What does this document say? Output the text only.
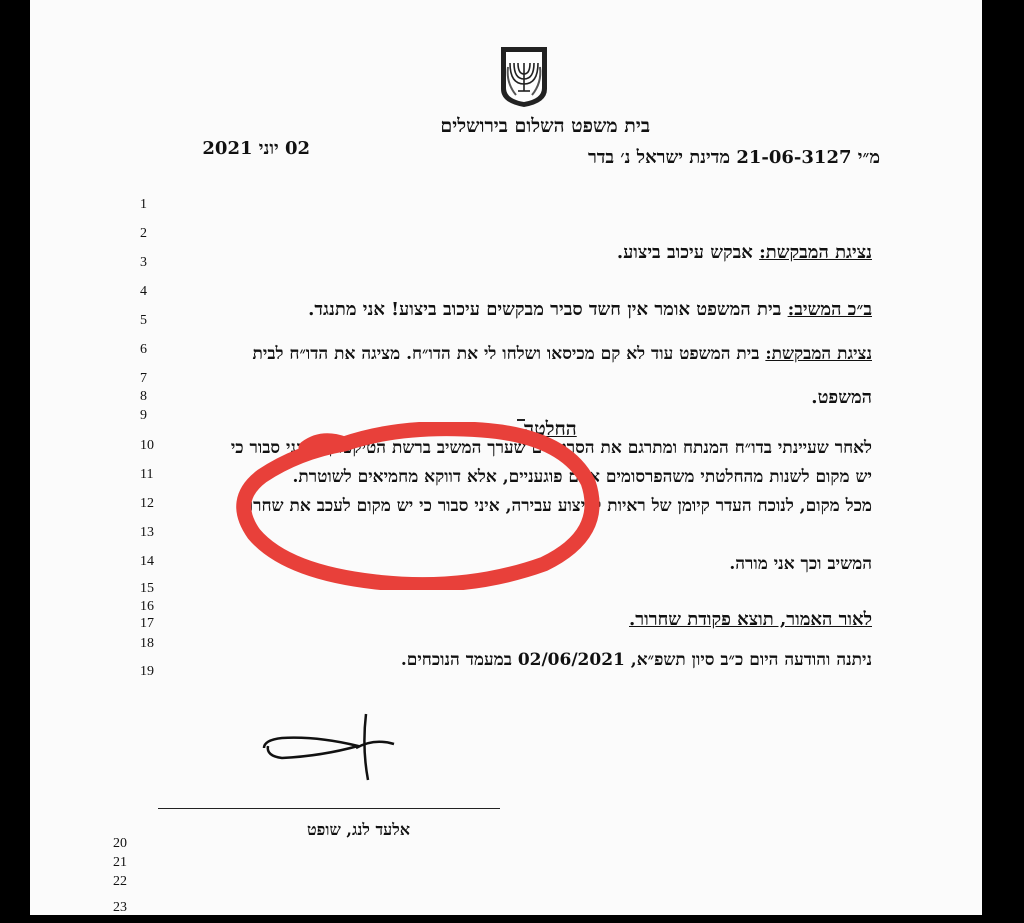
בית משפט השלום בירושלים
02 יוני 2021	מ״י 21-06-3127 מדינת ישראל נ׳ בדר
1
2
3
4
5
6
7
8
9
10
11
12
13
14
15
16
17
18
19
20
21
22
23
נציגת המבקשת: אבקש עיכוב ביצוע.
ב״כ המשיב: בית המשפט אומר אין חשד סביר מבקשים עיכוב ביצוע! אני מתנגד.
נציגת המבקשת: בית המשפט עוד לא קם מכיסאו ושלחו לי את הדו״ח. מציגה את הדו״ח לבית
המשפט.
החלטה
לאחר שעיינתי בדו״ח המנתח ומתרגם את הסרטונים שערך המשיב ברשת הטיקטוק, אינני סבור כי
יש מקום לשנות מהחלטתי משהפרסומים אינם פוגעניים, אלא דווקא מחמיאים לשוטרת.
מכל מקום, לנוכח העדר קיומן של ראיות לביצוע עבירה, איני סבור כי יש מקום לעכב את שחרור
המשיב וכך אני מורה.
לאור האמור, תוצא פקודת שחרור.
ניתנה והודעה היום כ״ב סיון תשפ״א, 02/06/2021 במעמד הנוכחים.
אלעד לנג, שופט
